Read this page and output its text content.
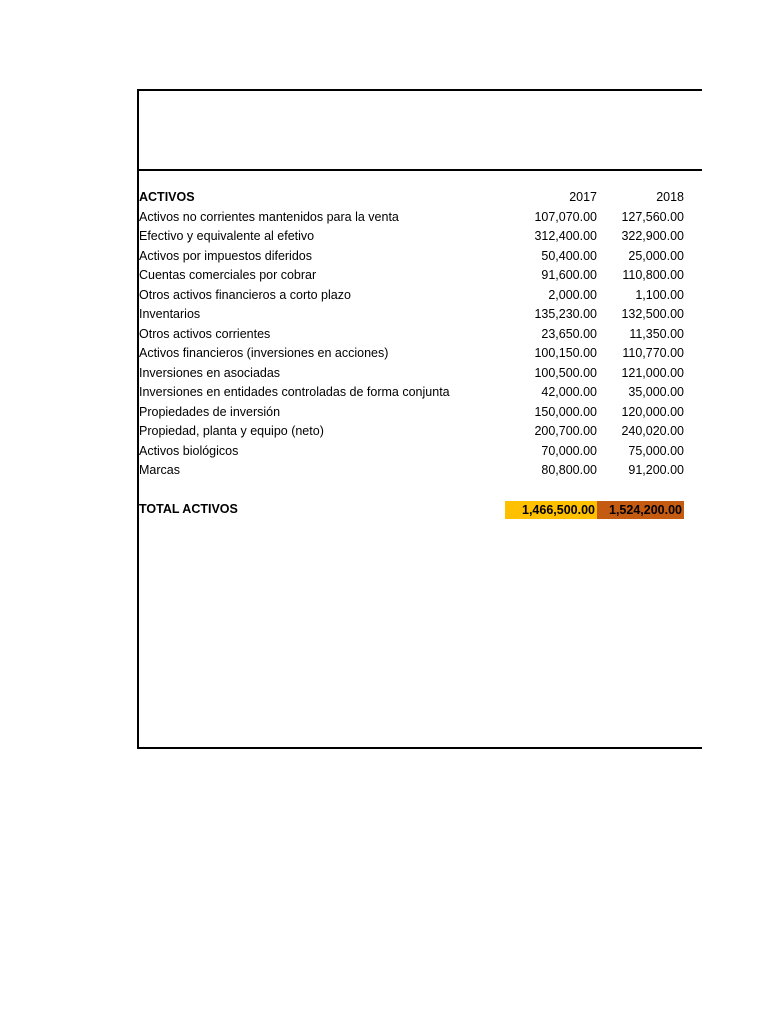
ACTIVOS	2017	2018
Activos no corrientes mantenidos para la venta	107,070.00	127,560.00
Efectivo y equivalente al efetivo	312,400.00	322,900.00
Activos por impuestos diferidos	50,400.00	25,000.00
Cuentas comerciales por cobrar	91,600.00	110,800.00
Otros activos financieros a corto plazo	2,000.00	1,100.00
Inventarios	135,230.00	132,500.00
Otros activos corrientes	23,650.00	11,350.00
Activos financieros (inversiones en acciones)	100,150.00	110,770.00
Inversiones en asociadas	100,500.00	121,000.00
Inversiones en entidades controladas de forma conjunta	42,000.00	35,000.00
Propiedades de inversión	150,000.00	120,000.00
Propiedad, planta y equipo (neto)	200,700.00	240,020.00
Activos biológicos	70,000.00	75,000.00
Marcas	80,800.00	91,200.00
TOTAL ACTIVOS	1,466,500.00	1,524,200.00
